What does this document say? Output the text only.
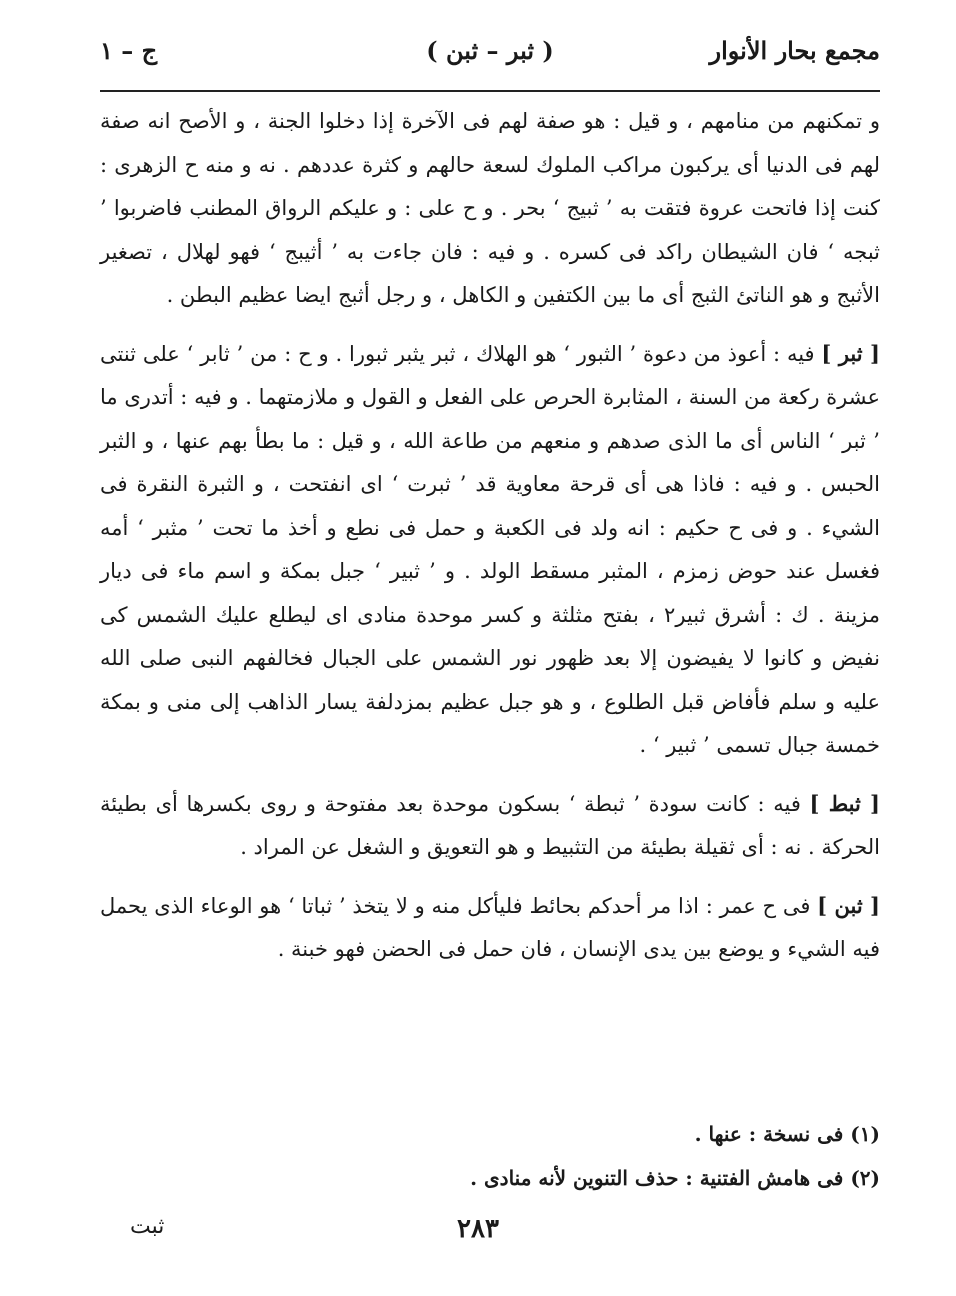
مجمع بحار الأنوار
( ثبر – ثبن )
ج – ١

و تمكنهم من منامهم ، و قيل : هو صفة لهم فى الآخرة إذا دخلوا الجنة ، و الأصح انه صفة لهم فى الدنيا أى يركبون مراكب الملوك لسعة حالهم و كثرة عددهم . نه و منه ح الزهرى : كنت إذا فاتحت عروة فتقت به ’ ثبيج ‘ بحر . و ح على : و عليكم الرواق المطنب فاضربوا ’ ثبجه ‘ فان الشيطان راكد فى كسره . و فيه : فان جاءت به ’ أثيبج ‘ فهو لهلال ، تصغير الأثبج و هو الناتئ الثبج أى ما بين الكتفين و الكاهل ، و رجل أثبج ايضا عظيم البطن .

[ ثبر ] فيه : أعوذ من دعوة ’ الثبور ‘ هو الهلاك ، ثبر يثبر ثبورا . و ح : من ’ ثابر ‘ على ثنتى عشرة ركعة من السنة ، المثابرة الحرص على الفعل و القول و ملازمتهما . و فيه : أتدرى ما ’ ثبر ‘ الناس أى ما الذى صدهم و منعهم من طاعة الله ، و قيل : ما بطأ بهم عنها ، و الثبر الحبس . و فيه : فاذا هى أى قرحة معاوية قد ’ ثبرت ‘ اى انفتحت ، و الثبرة النقرة فى الشيء . و فى ح حكيم : انه ولد فى الكعبة و حمل فى نطع و أخذ ما تحت ’ مثبر ‘ أمه فغسل عند حوض زمزم ، المثبر مسقط الولد . و ’ ثبير ‘ جبل بمكة و اسم ماء فى ديار مزينة . ك : أشرق ثبير٢ ، بفتح مثلثة و كسر موحدة منادى اى ليطلع عليك الشمس كى نفيض و كانوا لا يفيضون إلا بعد ظهور نور الشمس على الجبال فخالفهم النبى صلى الله عليه و سلم فأفاض قبل الطلوع ، و هو جبل عظيم بمزدلفة يسار الذاهب إلى منى و بمكة خمسة جبال تسمى ’ ثبير ‘ .

[ ثبط ] فيه : كانت سودة ’ ثبطة ‘ بسكون موحدة بعد مفتوحة و روى بكسرها أى بطيئة الحركة . نه : أى ثقيلة بطيئة من التثبيط و هو التعويق و الشغل عن المراد .

[ ثبن ] فى ح عمر : اذا مر أحدكم بحائط فليأكل منه و لا يتخذ ’ ثباتا ‘ هو الوعاء الذى يحمل فيه الشيء و يوضع بين يدى الإنسان ، فان حمل فى الحضن فهو خبنة .

(١) فى نسخة : عنها .

(٢) فى هامش الفتنية : حذف التنوين لأنه منادى .

٢٨٣
ثبت
